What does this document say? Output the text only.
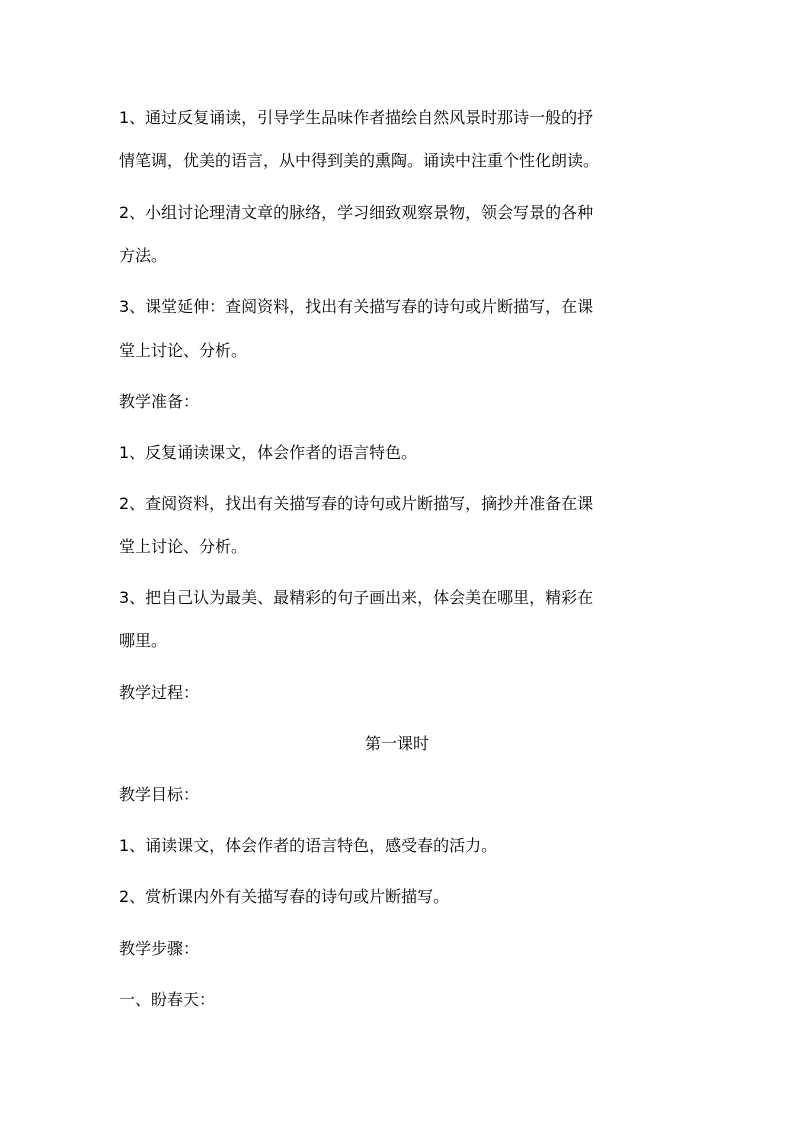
1、通过反复诵读，引导学生品味作者描绘自然风景时那诗一般的抒
情笔调，优美的语言，从中得到美的熏陶。诵读中注重个性化朗读。
2、小组讨论理清文章的脉络，学习细致观察景物，领会写景的各种
方法。
3、课堂延伸：查阅资料，找出有关描写春的诗句或片断描写，在课
堂上讨论、分析。
教学准备：
1、反复诵读课文，体会作者的语言特色。
2、查阅资料，找出有关描写春的诗句或片断描写，摘抄并准备在课
堂上讨论、分析。
3、把自己认为最美、最精彩的句子画出来，体会美在哪里，精彩在
哪里。
教学过程：
第一课时
教学目标：
1、诵读课文，体会作者的语言特色，感受春的活力。
2、赏析课内外有关描写春的诗句或片断描写。
教学步骤：
一、盼春天：
